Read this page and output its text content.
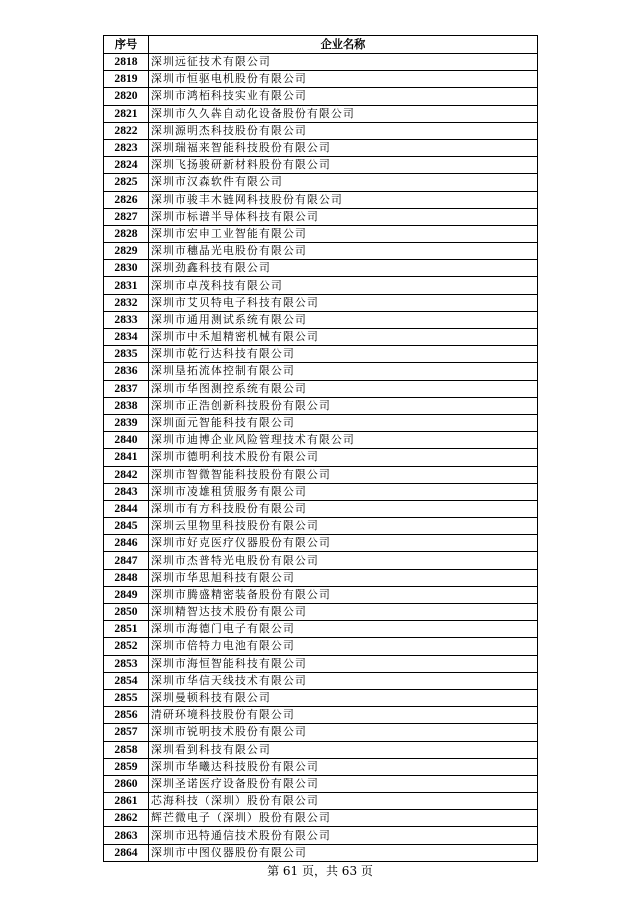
序号	企业名称
2818	深圳远征技术有限公司
2819	深圳市恒驱电机股份有限公司
2820	深圳市鸿栢科技实业有限公司
2821	深圳市久久犇自动化设备股份有限公司
2822	深圳源明杰科技股份有限公司
2823	深圳瑞福来智能科技股份有限公司
2824	深圳飞扬骏研新材料股份有限公司
2825	深圳市汉森软件有限公司
2826	深圳市骏丰木链网科技股份有限公司
2827	深圳市标谱半导体科技有限公司
2828	深圳市宏申工业智能有限公司
2829	深圳市穗晶光电股份有限公司
2830	深圳劲鑫科技有限公司
2831	深圳市卓茂科技有限公司
2832	深圳市艾贝特电子科技有限公司
2833	深圳市通用测试系统有限公司
2834	深圳市中禾旭精密机械有限公司
2835	深圳市乾行达科技有限公司
2836	深圳垦拓流体控制有限公司
2837	深圳市华图测控系统有限公司
2838	深圳市正浩创新科技股份有限公司
2839	深圳面元智能科技有限公司
2840	深圳市迪博企业风险管理技术有限公司
2841	深圳市德明利技术股份有限公司
2842	深圳市智微智能科技股份有限公司
2843	深圳市凌雄租赁服务有限公司
2844	深圳市有方科技股份有限公司
2845	深圳云里物里科技股份有限公司
2846	深圳市好克医疗仪器股份有限公司
2847	深圳市杰普特光电股份有限公司
2848	深圳市华思旭科技有限公司
2849	深圳市腾盛精密装备股份有限公司
2850	深圳精智达技术股份有限公司
2851	深圳市海德门电子有限公司
2852	深圳市倍特力电池有限公司
2853	深圳市海恒智能科技有限公司
2854	深圳市华信天线技术有限公司
2855	深圳曼顿科技有限公司
2856	清研环境科技股份有限公司
2857	深圳市锐明技术股份有限公司
2858	深圳看到科技有限公司
2859	深圳市华曦达科技股份有限公司
2860	深圳圣诺医疗设备股份有限公司
2861	芯海科技（深圳）股份有限公司
2862	辉芒微电子（深圳）股份有限公司
2863	深圳市迅特通信技术股份有限公司
2864	深圳市中图仪器股份有限公司
第 61 页，共 63 页
